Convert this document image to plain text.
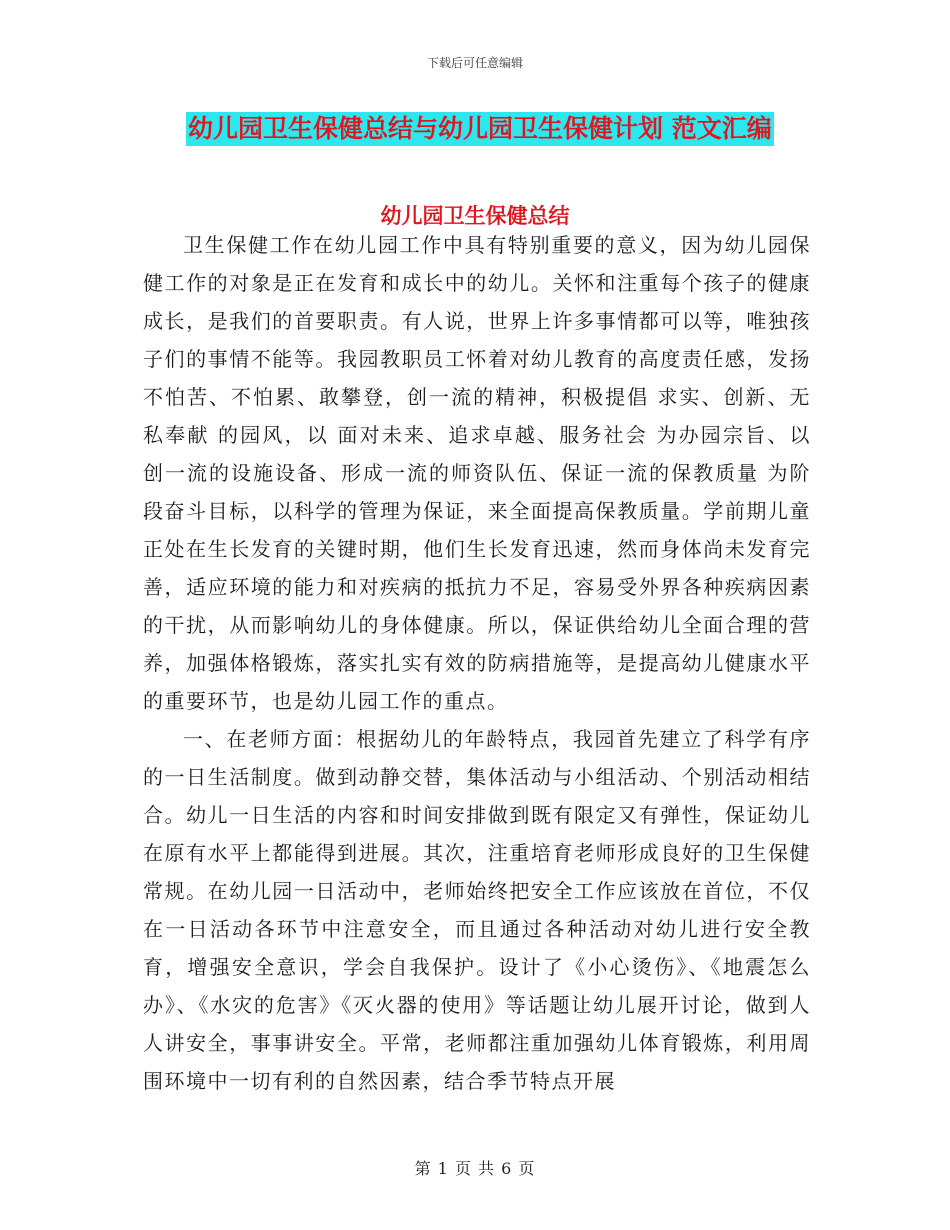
下载后可任意编辑
幼儿园卫生保健总结与幼儿园卫生保健计划 范文汇编
幼儿园卫生保健总结

卫生保健工作在幼儿园工作中具有特别重要的意义，因为幼儿园保健工作的对象是正在发育和成长中的幼儿。关怀和注重每个孩子的健康成长，是我们的首要职责。有人说，世界上许多事情都可以等，唯独孩子们的事情不能等。我园教职员工怀着对幼儿教育的高度责任感，发扬不怕苦、不怕累、敢攀登，创一流的精神，积极提倡 求实、创新、无私奉献 的园风，以 面对未来、追求卓越、服务社会 为办园宗旨、以 创一流的设施设备、形成一流的师资队伍、保证一流的保教质量 为阶段奋斗目标，以科学的管理为保证，来全面提高保教质量。学前期儿童正处在生长发育的关键时期，他们生长发育迅速，然而身体尚未发育完善，适应环境的能力和对疾病的抵抗力不足，容易受外界各种疾病因素的干扰，从而影响幼儿的身体健康。所以，保证供给幼儿全面合理的营养，加强体格锻炼，落实扎实有效的防病措施等，是提高幼儿健康水平的重要环节，也是幼儿园工作的重点。

一、在老师方面：根据幼儿的年龄特点，我园首先建立了科学有序的一日生活制度。做到动静交替，集体活动与小组活动、个别活动相结合。幼儿一日生活的内容和时间安排做到既有限定又有弹性，保证幼儿在原有水平上都能得到进展。其次，注重培育老师形成良好的卫生保健常规。在幼儿园一日活动中，老师始终把安全工作应该放在首位，不仅在一日活动各环节中注意安全，而且通过各种活动对幼儿进行安全教育，增强安全意识，学会自我保护。设计了《小心烫伤》、《地震怎么办》、《水灾的危害》《灭火器的使用》等话题让幼儿展开讨论，做到人人讲安全，事事讲安全。平常，老师都注重加强幼儿体育锻炼，利用周围环境中一切有利的自然因素，结合季节特点开展

第 1 页 共 6 页
